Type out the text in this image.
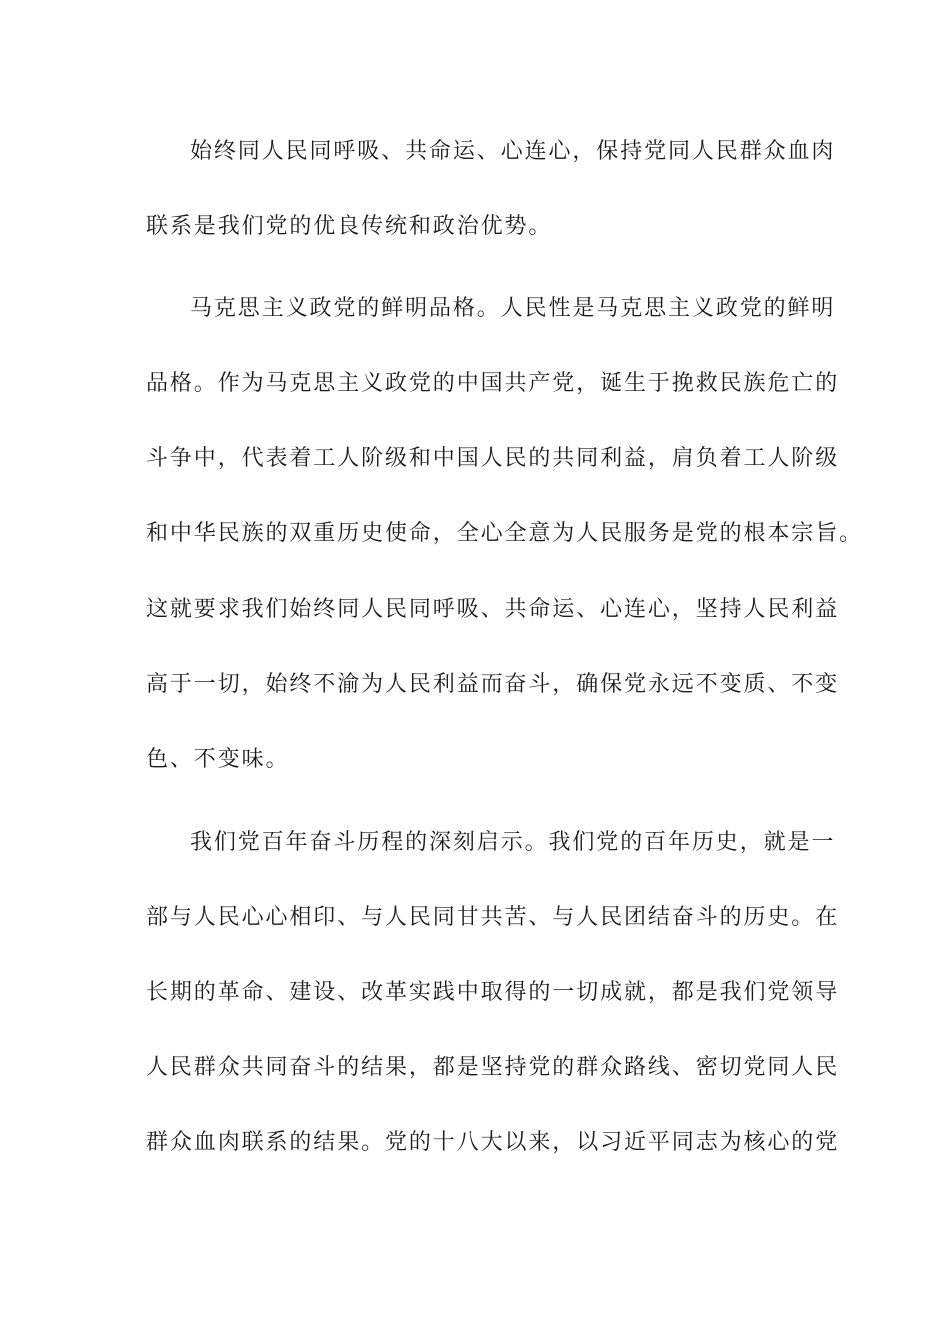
始终同人民同呼吸、共命运、心连心，保持党同人民群众血肉
联系是我们党的优良传统和政治优势。
马克思主义政党的鲜明品格。人民性是马克思主义政党的鲜明
品格。作为马克思主义政党的中国共产党，诞生于挽救民族危亡的
斗争中，代表着工人阶级和中国人民的共同利益，肩负着工人阶级
和中华民族的双重历史使命，全心全意为人民服务是党的根本宗旨。
这就要求我们始终同人民同呼吸、共命运、心连心，坚持人民利益
高于一切，始终不渝为人民利益而奋斗，确保党永远不变质、不变
色、不变味。
我们党百年奋斗历程的深刻启示。我们党的百年历史，就是一
部与人民心心相印、与人民同甘共苦、与人民团结奋斗的历史。在
长期的革命、建设、改革实践中取得的一切成就，都是我们党领导
人民群众共同奋斗的结果，都是坚持党的群众路线、密切党同人民
群众血肉联系的结果。党的十八大以来，以习近平同志为核心的党
